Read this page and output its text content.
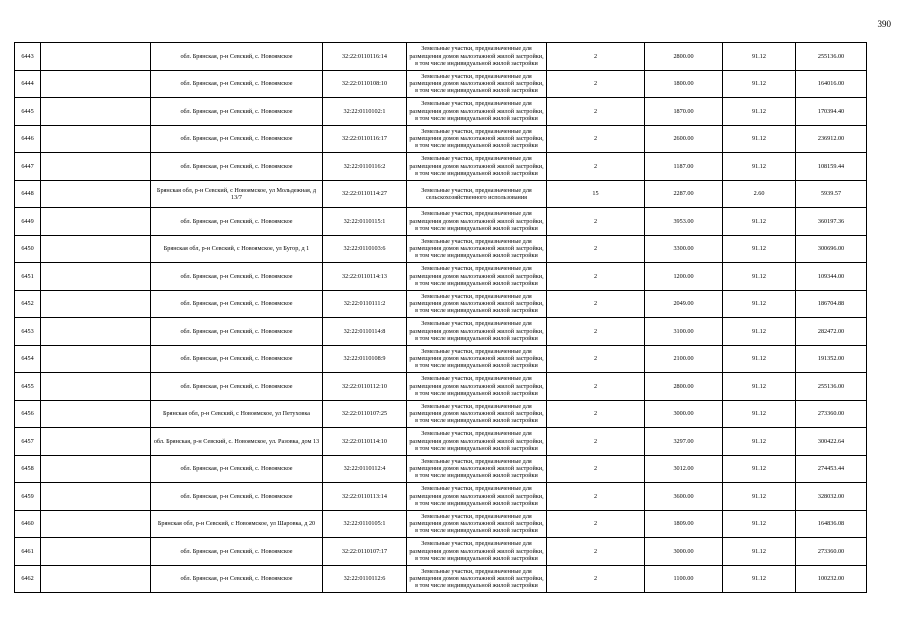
390
6443		обл. Брянская, р-н Севский, с. Новоямское	32:22:0110116:14	Земельные участки, предназначенные для размещения домов малоэтажной жилой застройки, в том числе индивидуальной жилой застройки	2	2800.00	91.12	255136.00
6444		обл. Брянская, р-н Севский, с. Новоямское	32:22:0110108:10	Земельные участки, предназначенные для размещения домов малоэтажной жилой застройки, в том числе индивидуальной жилой застройки	2	1800.00	91.12	164016.00
6445		обл. Брянская, р-н Севский, с. Новоямское	32:22:0110102:1	Земельные участки, предназначенные для размещения домов малоэтажной жилой застройки, в том числе индивидуальной жилой застройки	2	1870.00	91.12	170394.40
6446		обл. Брянская, р-н Севский, с. Новоямское	32:22:0110116:17	Земельные участки, предназначенные для размещения домов малоэтажной жилой застройки, в том числе индивидуальной жилой застройки	2	2600.00	91.12	236912.00
6447		обл. Брянская, р-н Севский, с. Новоямское	32:22:0110116:2	Земельные участки, предназначенные для размещения домов малоэтажной жилой застройки, в том числе индивидуальной жилой застройки	2	1187.00	91.12	108159.44
6448		Брянская обл, р-н Севский, с Новоямское, ул Мольдежная, д 13/7	32:22:0110114:27	Земельные участки, предназначенные для сельскохозяйственного использования	15	2287.00	2.60	5939.57
6449		обл. Брянская, р-н Севский, с. Новоямское	32:22:0110115:1	Земельные участки, предназначенные для размещения домов малоэтажной жилой застройки, в том числе индивидуальной жилой застройки	2	3953.00	91.12	360197.36
6450		Брянская обл, р-н Севский, с Новоямское, ул Бугор, д 1	32:22:0110103:6	Земельные участки, предназначенные для размещения домов малоэтажной жилой застройки, в том числе индивидуальной жилой застройки	2	3300.00	91.12	300696.00
6451		обл. Брянская, р-н Севский, с. Новоямское	32:22:0110114:13	Земельные участки, предназначенные для размещения домов малоэтажной жилой застройки, в том числе индивидуальной жилой застройки	2	1200.00	91.12	109344.00
6452		обл. Брянская, р-н Севский, с. Новоямское	32:22:0110111:2	Земельные участки, предназначенные для размещения домов малоэтажной жилой застройки, в том числе индивидуальной жилой застройки	2	2049.00	91.12	186704.88
6453		обл. Брянская, р-н Севский, с. Новоямское	32:22:0110114:8	Земельные участки, предназначенные для размещения домов малоэтажной жилой застройки, в том числе индивидуальной жилой застройки	2	3100.00	91.12	282472.00
6454		обл. Брянская, р-н Севский, с. Новоямское	32:22:0110108:9	Земельные участки, предназначенные для размещения домов малоэтажной жилой застройки, в том числе индивидуальной жилой застройки	2	2100.00	91.12	191352.00
6455		обл. Брянская, р-н Севский, с. Новоямское	32:22:0110112:10	Земельные участки, предназначенные для размещения домов малоэтажной жилой застройки, в том числе индивидуальной жилой застройки	2	2800.00	91.12	255136.00
6456		Брянская обл, р-н Севский, с Новоямское, ул Петуховка	32:22:0110107:25	Земельные участки, предназначенные для размещения домов малоэтажной жилой застройки, в том числе индивидуальной жилой застройки	2	3000.00	91.12	273360.00
6457		обл. Брянская, р-н Севский, с. Новоямское, ул. Разовка, дом 13	32:22:0110114:10	Земельные участки, предназначенные для размещения домов малоэтажной жилой застройки, в том числе индивидуальной жилой застройки	2	3297.00	91.12	300422.64
6458		обл. Брянская, р-н Севский, с. Новоямское	32:22:0110112:4	Земельные участки, предназначенные для размещения домов малоэтажной жилой застройки, в том числе индивидуальной жилой застройки	2	3012.00	91.12	274453.44
6459		обл. Брянская, р-н Севский, с. Новоямское	32:22:0110113:14	Земельные участки, предназначенные для размещения домов малоэтажной жилой застройки, в том числе индивидуальной жилой застройки	2	3600.00	91.12	328032.00
6460		Брянская обл, р-н Севский, с Новоямское, ул Шаровка, д 20	32:22:0110105:1	Земельные участки, предназначенные для размещения домов малоэтажной жилой застройки, в том числе индивидуальной жилой застройки	2	1809.00	91.12	164836.08
6461		обл. Брянская, р-н Севский, с. Новоямское	32:22:0110107:17	Земельные участки, предназначенные для размещения домов малоэтажной жилой застройки, в том числе индивидуальной жилой застройки	2	3000.00	91.12	273360.00
6462		обл. Брянская, р-н Севский, с. Новоямское	32:22:0110112:6	Земельные участки, предназначенные для размещения домов малоэтажной жилой застройки, в том числе индивидуальной жилой застройки	2	1100.00	91.12	100232.00
